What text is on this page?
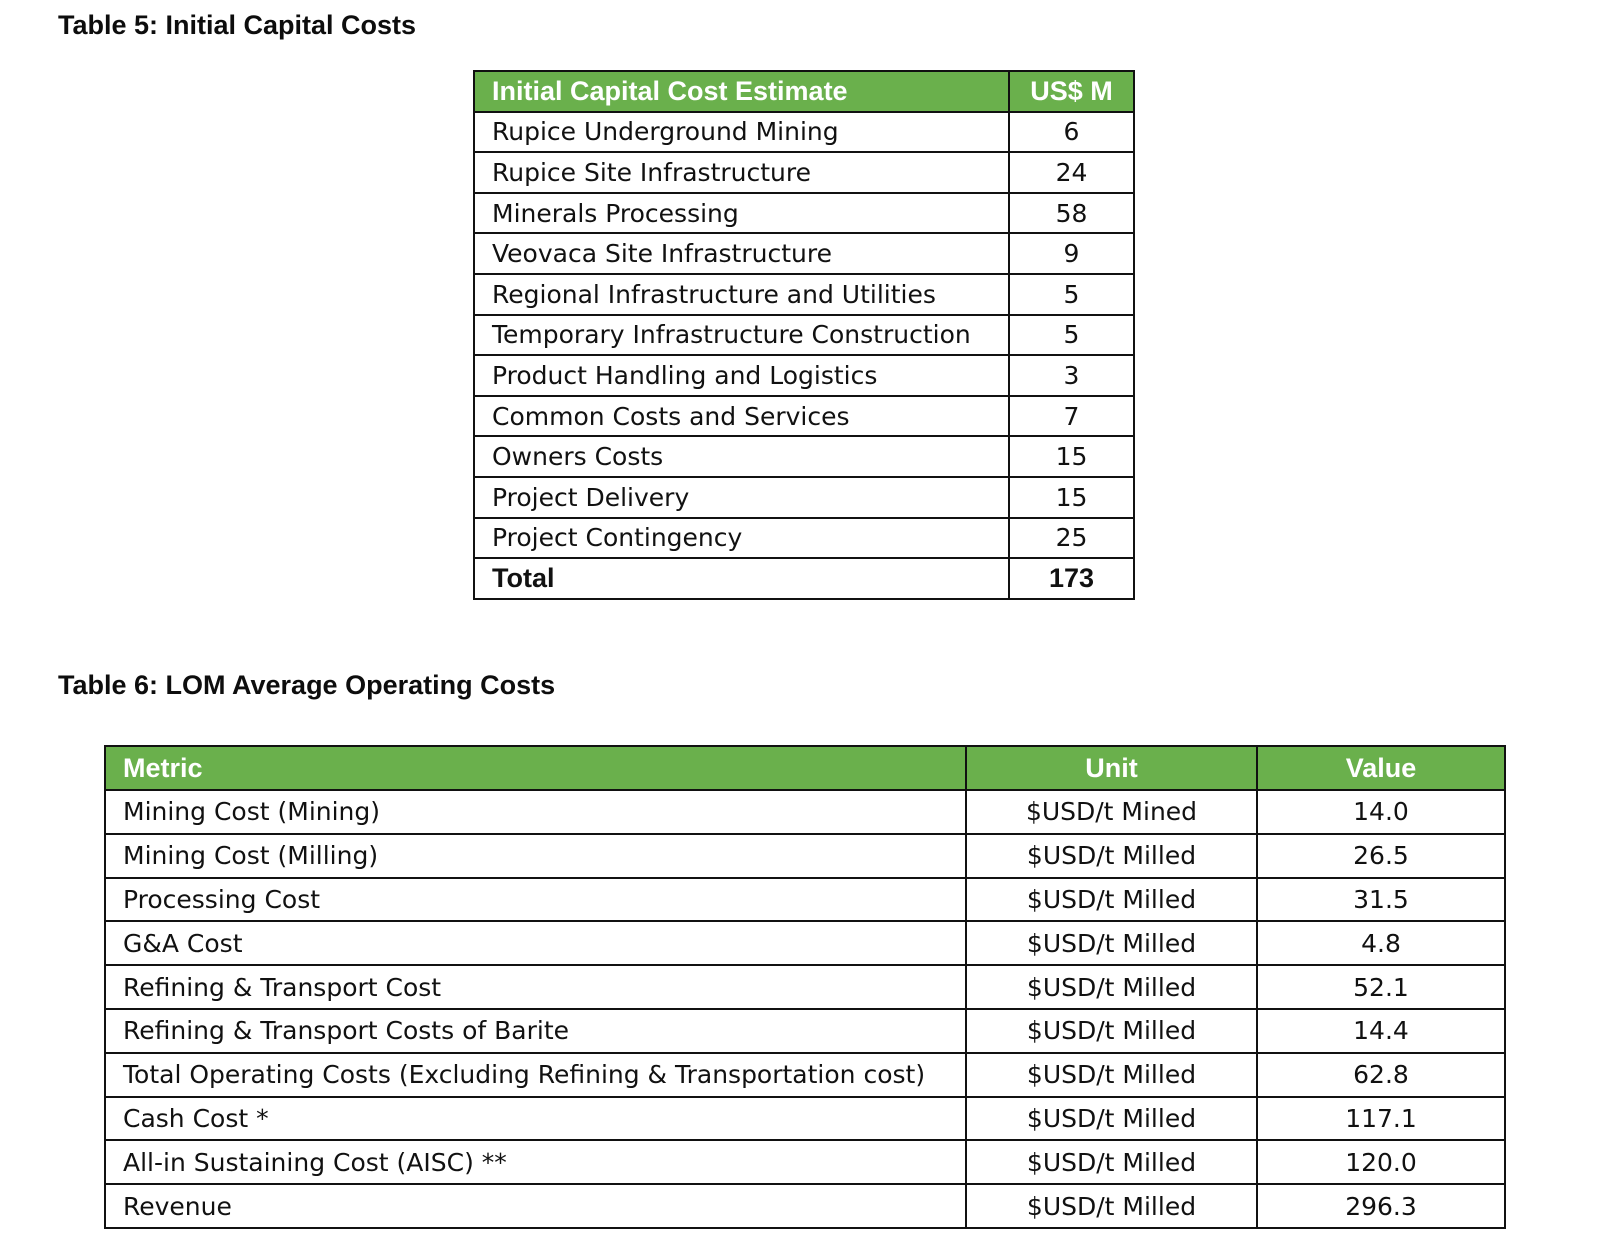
Table 5: Initial Capital Costs
Initial Capital Cost Estimate	US$ M
Rupice Underground Mining	6
Rupice Site Infrastructure	24
Minerals Processing	58
Veovaca Site Infrastructure	9
Regional Infrastructure and Utilities	5
Temporary Infrastructure Construction	5
Product Handling and Logistics	3
Common Costs and Services	7
Owners Costs	15
Project Delivery	15
Project Contingency	25
Total	173
Table 6: LOM Average Operating Costs
Metric	Unit	Value
Mining Cost (Mining)	$USD/t Mined	14.0
Mining Cost (Milling)	$USD/t Milled	26.5
Processing Cost	$USD/t Milled	31.5
G&A Cost	$USD/t Milled	4.8
Refining & Transport Cost	$USD/t Milled	52.1
Refining & Transport Costs of Barite	$USD/t Milled	14.4
Total Operating Costs (Excluding Refining & Transportation cost)	$USD/t Milled	62.8
Cash Cost *	$USD/t Milled	117.1
All-in Sustaining Cost (AISC) **	$USD/t Milled	120.0
Revenue	$USD/t Milled	296.3
